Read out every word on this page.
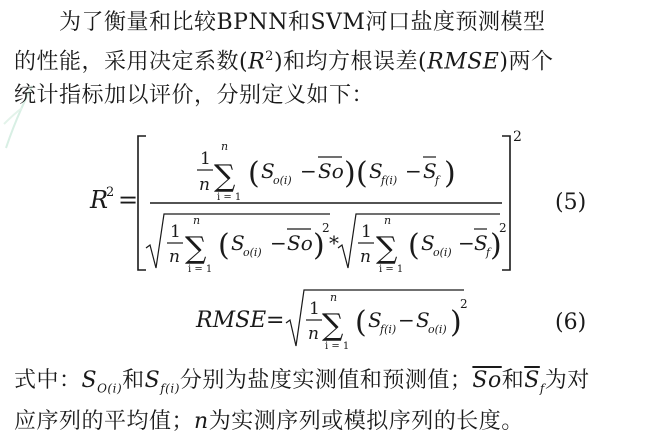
为了衡量和比较BPNN和SVM河口盐度预测模型
的性能，采用决定系数$(R^2)$和均方根误差(RMSE)两个
统计指标加以评价，分别定义如下：
R
2 =
2
1
n
n
∑
i = 1
( S
o(i) − So ) ( S
f(i) − S
f )
1
n
n
∑
i = 1
( S
o(i) − So )
2
* 1
n
n
∑
i = 1
( S
o(i) − S
f )
2
(5)
RMSE = 1
n
n
∑
i = 1
( S
f(i) − S
o(i) )
2
(6)
式中：$S_{O(i)}$和$S_{f(i)}$分别为盐度实测值和预测值；$\overline{So}$和$\overline{S}_f$为对
应序列的平均值；n为实测序列或模拟序列的长度。
